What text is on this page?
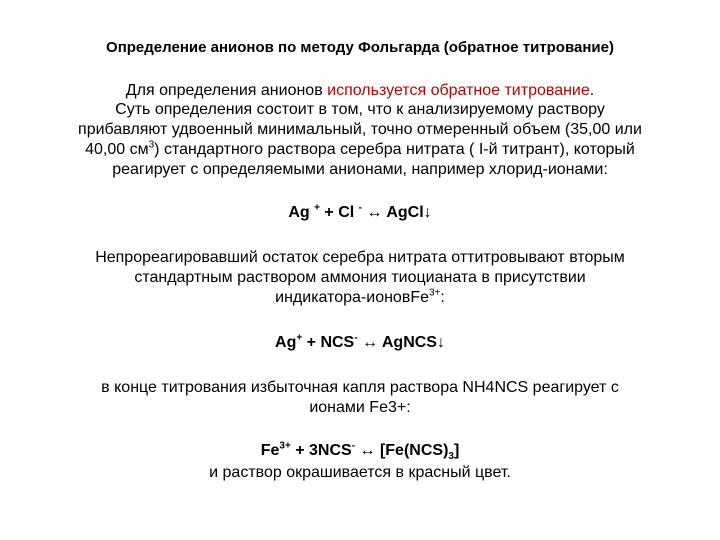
Определение анионов по методу Фольгарда (обратное титрование)
Для определения анионов используется обратное титрование.
Суть определения состоит в том, что к анализируемому раствору
прибавляют удвоенный минимальный, точно отмеренный объем (35,00 или
40,00 $см^3$) стандартного раствора серебра нитрата ( I-й титрант), который
реагирует с определяемыми анионами, например хлорид-ионами:
Ag + + Cl - ↔ AgCl↓
Непрореагировавший остаток серебра нитрата оттитровывают вторым
стандартным раствором аммония тиоцианата в присутствии
индикатора-ионовFe$^{3+}$:
Ag+ + NCS- ↔ AgNCS↓
в конце титрования избыточная капля раствора NH4NCS реагирует с
ионами Fe3+:
$Fe^{3+} + 3NCS^-$ ↔ $[Fe(NCS)_3]$
и раствор окрашивается в красный цвет.
